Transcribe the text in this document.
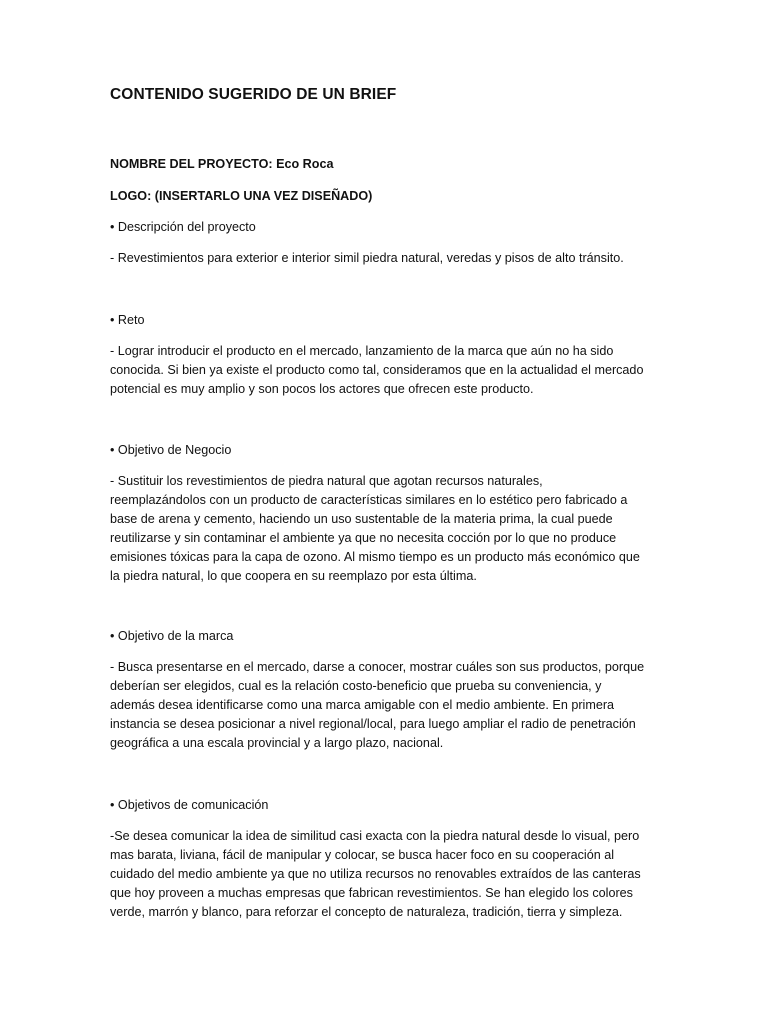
CONTENIDO SUGERIDO DE UN BRIEF
NOMBRE DEL PROYECTO: Eco Roca
LOGO: (INSERTARLO UNA VEZ DISEÑADO)
• Descripción del proyecto
- Revestimientos para exterior e interior simil piedra natural, veredas y pisos de alto tránsito.
• Reto
- Lograr introducir el producto en el mercado, lanzamiento de la marca que aún no ha sido
conocida. Si bien ya existe el producto como tal, consideramos que en la actualidad el mercado
potencial es muy amplio y son pocos los actores que ofrecen este producto.
• Objetivo de Negocio
- Sustituir los revestimientos de piedra natural que agotan recursos naturales,
reemplazándolos con un producto de características similares en lo estético pero fabricado a
base de arena y cemento, haciendo un uso sustentable de la materia prima, la cual puede
reutilizarse y sin contaminar el ambiente ya que no necesita cocción por lo que no produce
emisiones tóxicas para la capa de ozono. Al mismo tiempo es un producto más económico que
la piedra natural, lo que coopera en su reemplazo por esta última.
• Objetivo de la marca
- Busca presentarse en el mercado, darse a conocer, mostrar cuáles son sus productos, porque
deberían ser elegidos, cual es la relación costo-beneficio que prueba su conveniencia, y
además desea identificarse como una marca amigable con el medio ambiente. En primera
instancia se desea posicionar a nivel regional/local, para luego ampliar el radio de penetración
geográfica a una escala provincial y a largo plazo, nacional.
• Objetivos de comunicación
-Se desea comunicar la idea de similitud casi exacta con la piedra natural desde lo visual, pero
mas barata, liviana, fácil de manipular y colocar, se busca hacer foco en su cooperación al
cuidado del medio ambiente ya que no utiliza recursos no renovables extraídos de las canteras
que hoy proveen a muchas empresas que fabrican revestimientos. Se han elegido los colores
verde, marrón y blanco, para reforzar el concepto de naturaleza, tradición, tierra y simpleza.
